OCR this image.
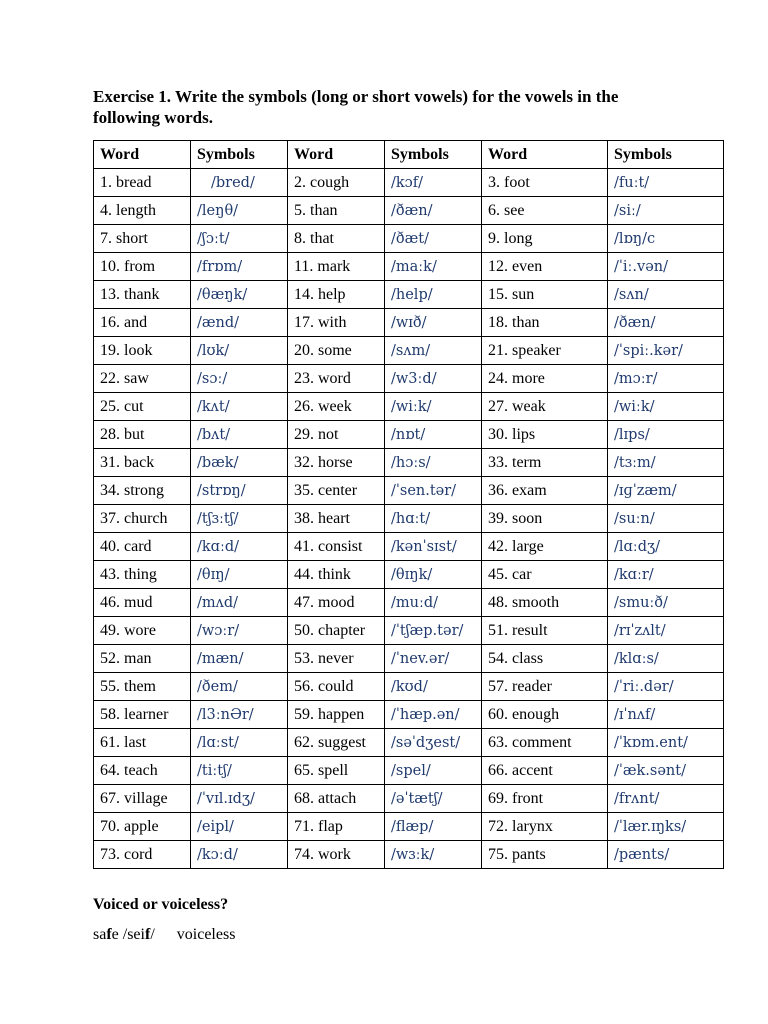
Exercise 1. Write the symbols (long or short vowels) for the vowels in the
following words.
Word	Symbols	Word	Symbols	Word	Symbols
1. bread	/bred/	2. cough	/kɔf/	3. foot	/fuːt/
4. length	/leŋθ/	5. than	/ðæn/	6. see	/siː/
7. short	/ʃɔːt/	8. that	/ðæt/	9. long	/lɒŋ/c
10. from	/frɒm/	11. mark	/maːk/	12. even	/ˈiː.vən/
13. thank	/θæŋk/	14. help	/help/	15. sun	/sʌn/
16. and	/ænd/	17. with	/wɪð/	18. than	/ðæn/
19. look	/lʊk/	20. some	/sʌm/	21. speaker	/ˈspiː.kər/
22. saw	/sɔː/	23. word	/w3ːd/	24. more	/mɔːr/
25. cut	/kʌt/	26. week	/wiːk/	27. weak	/wiːk/
28. but	/bʌt/	29. not	/nɒt/	30. lips	/lɪps/
31. back	/bæk/	32. horse	/hɔːs/	33. term	/tɜːm/
34. strong	/strɒŋ/	35. center	/ˈsen.tər/	36. exam	/ɪɡˈzæm/
37. church	/tʃɜːtʃ/	38. heart	/hɑːt/	39. soon	/suːn/
40. card	/kɑːd/	41. consist	/kənˈsɪst/	42. large	/lɑːdʒ/
43. thing	/θɪŋ/	44. think	/θɪŋk/	45. car	/kɑːr/
46. mud	/mʌd/	47. mood	/muːd/	48. smooth	/smuːð/
49. wore	/wɔːr/	50. chapter	/ˈtʃæp.tər/	51. result	/rɪˈzʌlt/
52. man	/mæn/	53. never	/ˈnev.ər/	54. class	/klɑːs/
55. them	/ðem/	56. could	/kʊd/	57. reader	/ˈriː.dər/
58. learner	/l3ːnƏr/	59. happen	/ˈhæp.ən/	60. enough	/ɪˈnʌf/
61. last	/lɑːst/	62. suggest	/səˈdʒest/	63. comment	/ˈkɒm.ent/
64. teach	/tiːtʃ/	65. spell	/spel/	66. accent	/ˈæk.sənt/
67. village	/ˈvɪl.ɪdʒ/	68. attach	/əˈtætʃ/	69. front	/frʌnt/
70. apple	/eipl/	71. flap	/flæp/	72. larynx	/ˈlær.ɪŋks/
73. cord	/kɔːd/	74. work	/wɜːk/	75. pants	/pænts/
Voiced or voiceless?
safe /seif/ voiceless
